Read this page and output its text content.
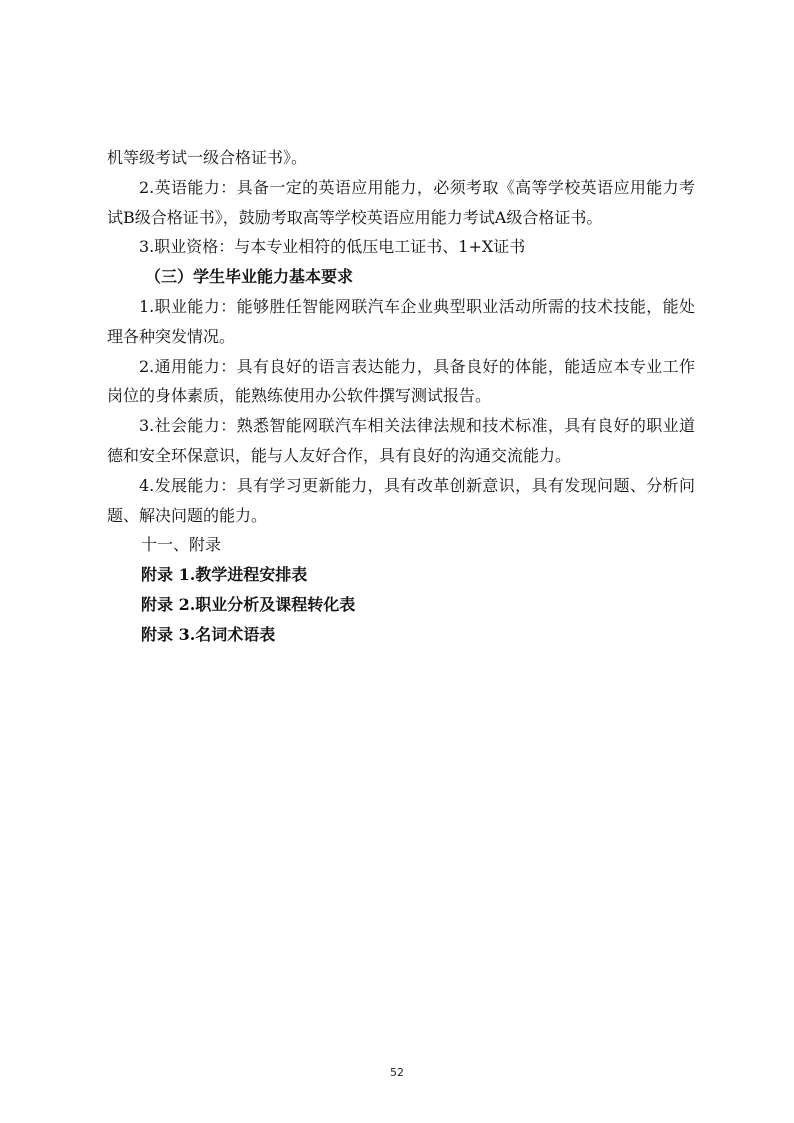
机等级考试一级合格证书》。

2.英语能力：具备一定的英语应用能力，必须考取《高等学校英语应用能力考试B级合格证书》，鼓励考取高等学校英语应用能力考试A级合格证书。

3.职业资格：与本专业相符的低压电工证书、1+X证书

（三）学生毕业能力基本要求

1.职业能力：能够胜任智能网联汽车企业典型职业活动所需的技术技能，能处理各种突发情况。

2.通用能力：具有良好的语言表达能力，具备良好的体能，能适应本专业工作岗位的身体素质，能熟练使用办公软件撰写测试报告。

3.社会能力：熟悉智能网联汽车相关法律法规和技术标准，具有良好的职业道德和安全环保意识，能与人友好合作，具有良好的沟通交流能力。

4.发展能力：具有学习更新能力，具有改革创新意识，具有发现问题、分析问题、解决问题的能力。

十一、附录

附录 1.教学进程安排表

附录 2.职业分析及课程转化表

附录 3.名词术语表

52
